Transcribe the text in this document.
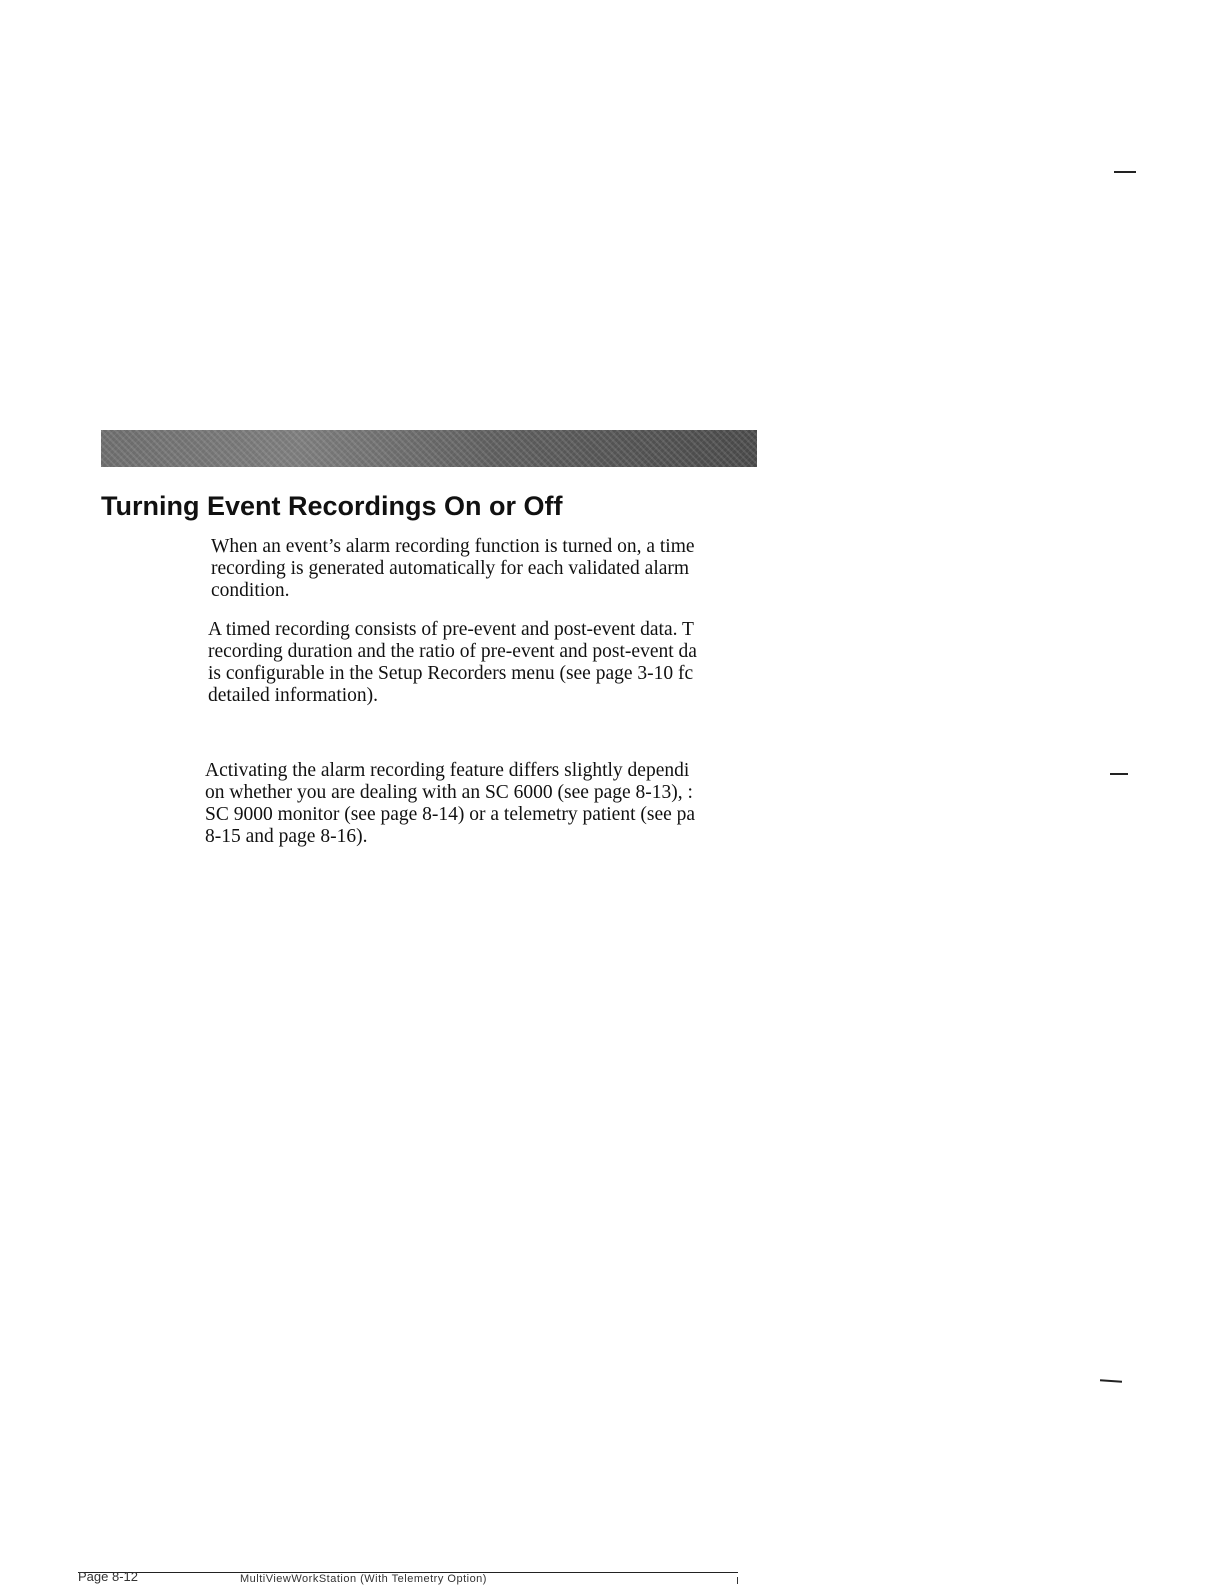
Turning Event Recordings On or Off

When an event’s alarm recording function is turned on, a time
recording is generated automatically for each validated alarm
condition.

A timed recording consists of pre-event and post-event data. T
recording duration and the ratio of pre-event and post-event da
is configurable in the Setup Recorders menu (see page 3-10 fc
detailed information).

Activating the alarm recording feature differs slightly dependi
on whether you are dealing with an SC 6000 (see page 8-13), :
SC 9000 monitor (see page 8-14) or a telemetry patient (see pa
8-15 and page 8-16).

Page 8-12	MultiViewWorkStation (With Telemetry Option)
